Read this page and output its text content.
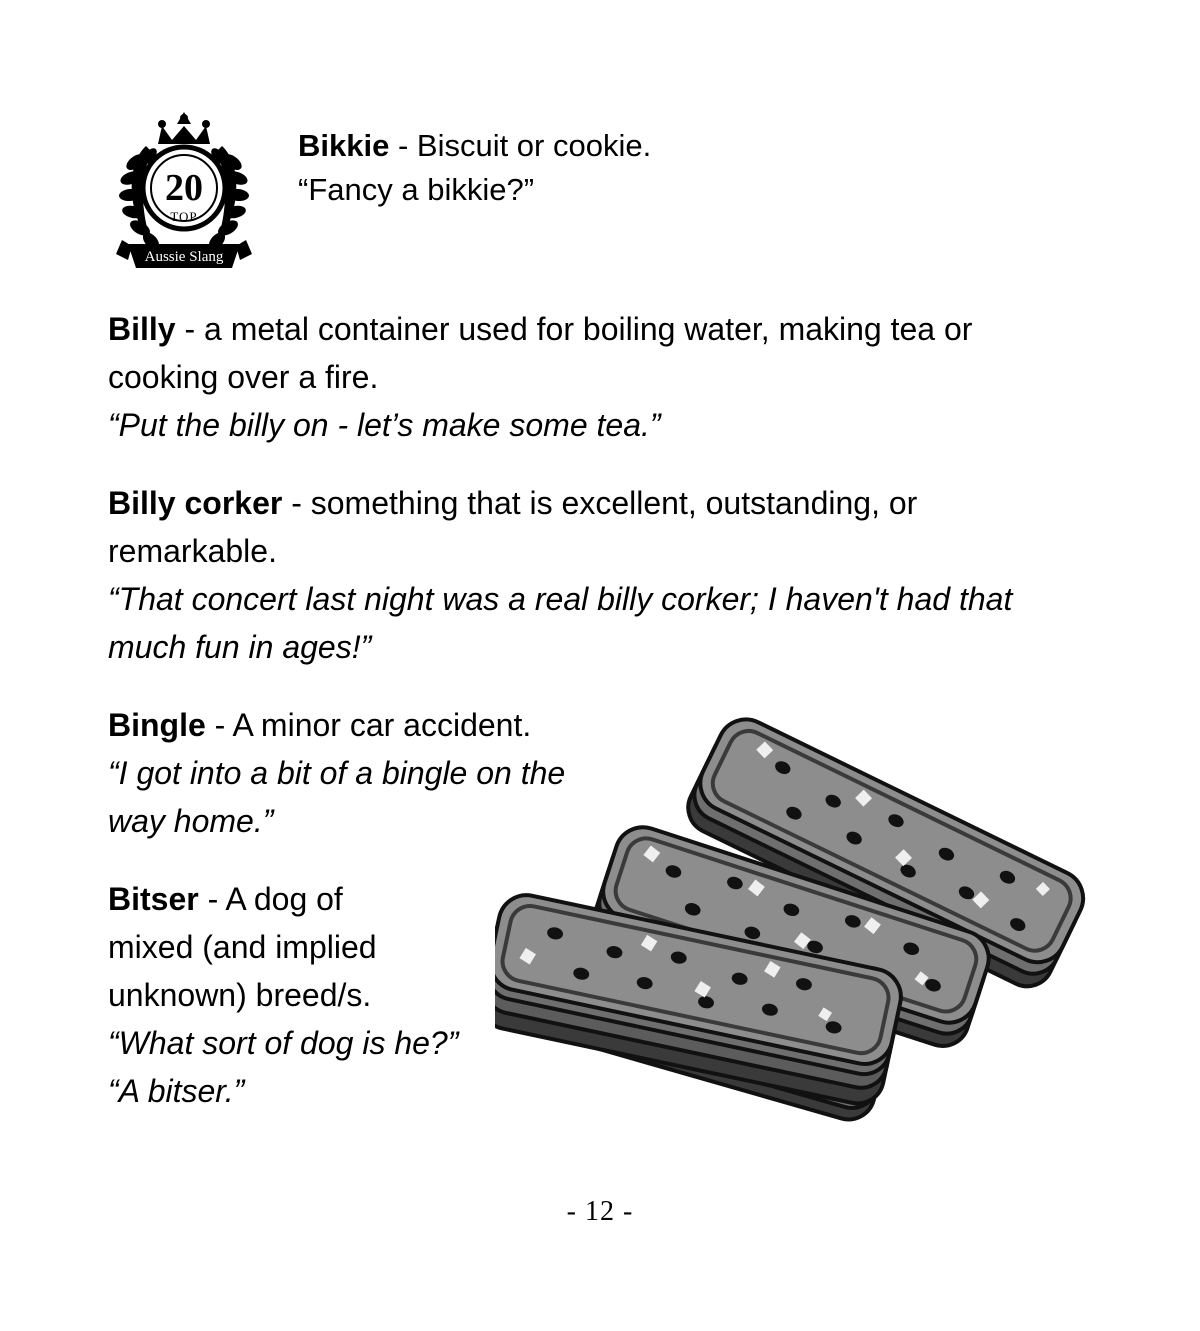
20
TOP
Aussie Slang
Bikkie - Biscuit or cookie.
“Fancy a bikkie?”
Billy - a metal container used for boiling water, making tea or cooking over a fire.
“Put the billy on - let’s make some tea.”
Billy corker - something that is excellent, outstanding, or remarkable.
“That concert last night was a real billy corker; I haven't had that much fun in ages!”
Bingle - A minor car accident.
“I got into a bit of a bingle on the way home.”
Bitser - A dog of mixed (and implied unknown) breed/s.
“What sort of dog is he?”
“A bitser.”
- 12 -
